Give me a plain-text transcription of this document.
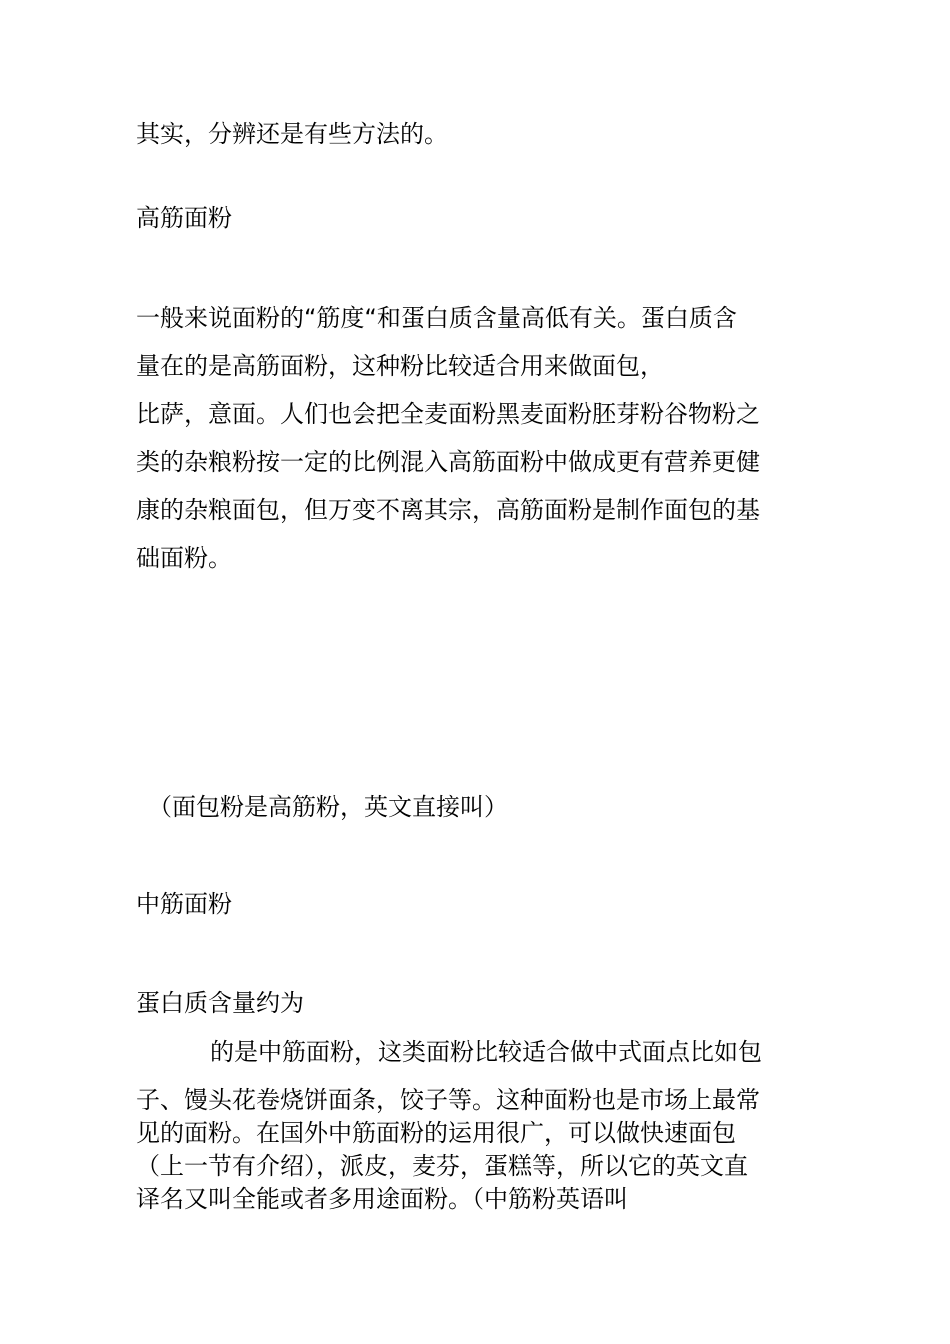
其实，分辨还是有些方法的。
高筋面粉
一般来说面粉的“筋度“和蛋白质含量高低有关。蛋白质含
量在的是高筋面粉，这种粉比较适合用来做面包，
比萨，意面。人们也会把全麦面粉黑麦面粉胚芽粉谷物粉之
类的杂粮粉按一定的比例混入高筋面粉中做成更有营养更健
康的杂粮面包，但万变不离其宗，高筋面粉是制作面包的基
础面粉。
（面包粉是高筋粉，英文直接叫）
中筋面粉
蛋白质含量约为
的是中筋面粉，这类面粉比较适合做中式面点比如包
子、馒头花卷烧饼面条，饺子等。这种面粉也是市场上最常
见的面粉。在国外中筋面粉的运用很广，可以做快速面包
（上一节有介绍），派皮，麦芬，蛋糕等，所以它的英文直
译名又叫全能或者多用途面粉。（中筋粉英语叫
